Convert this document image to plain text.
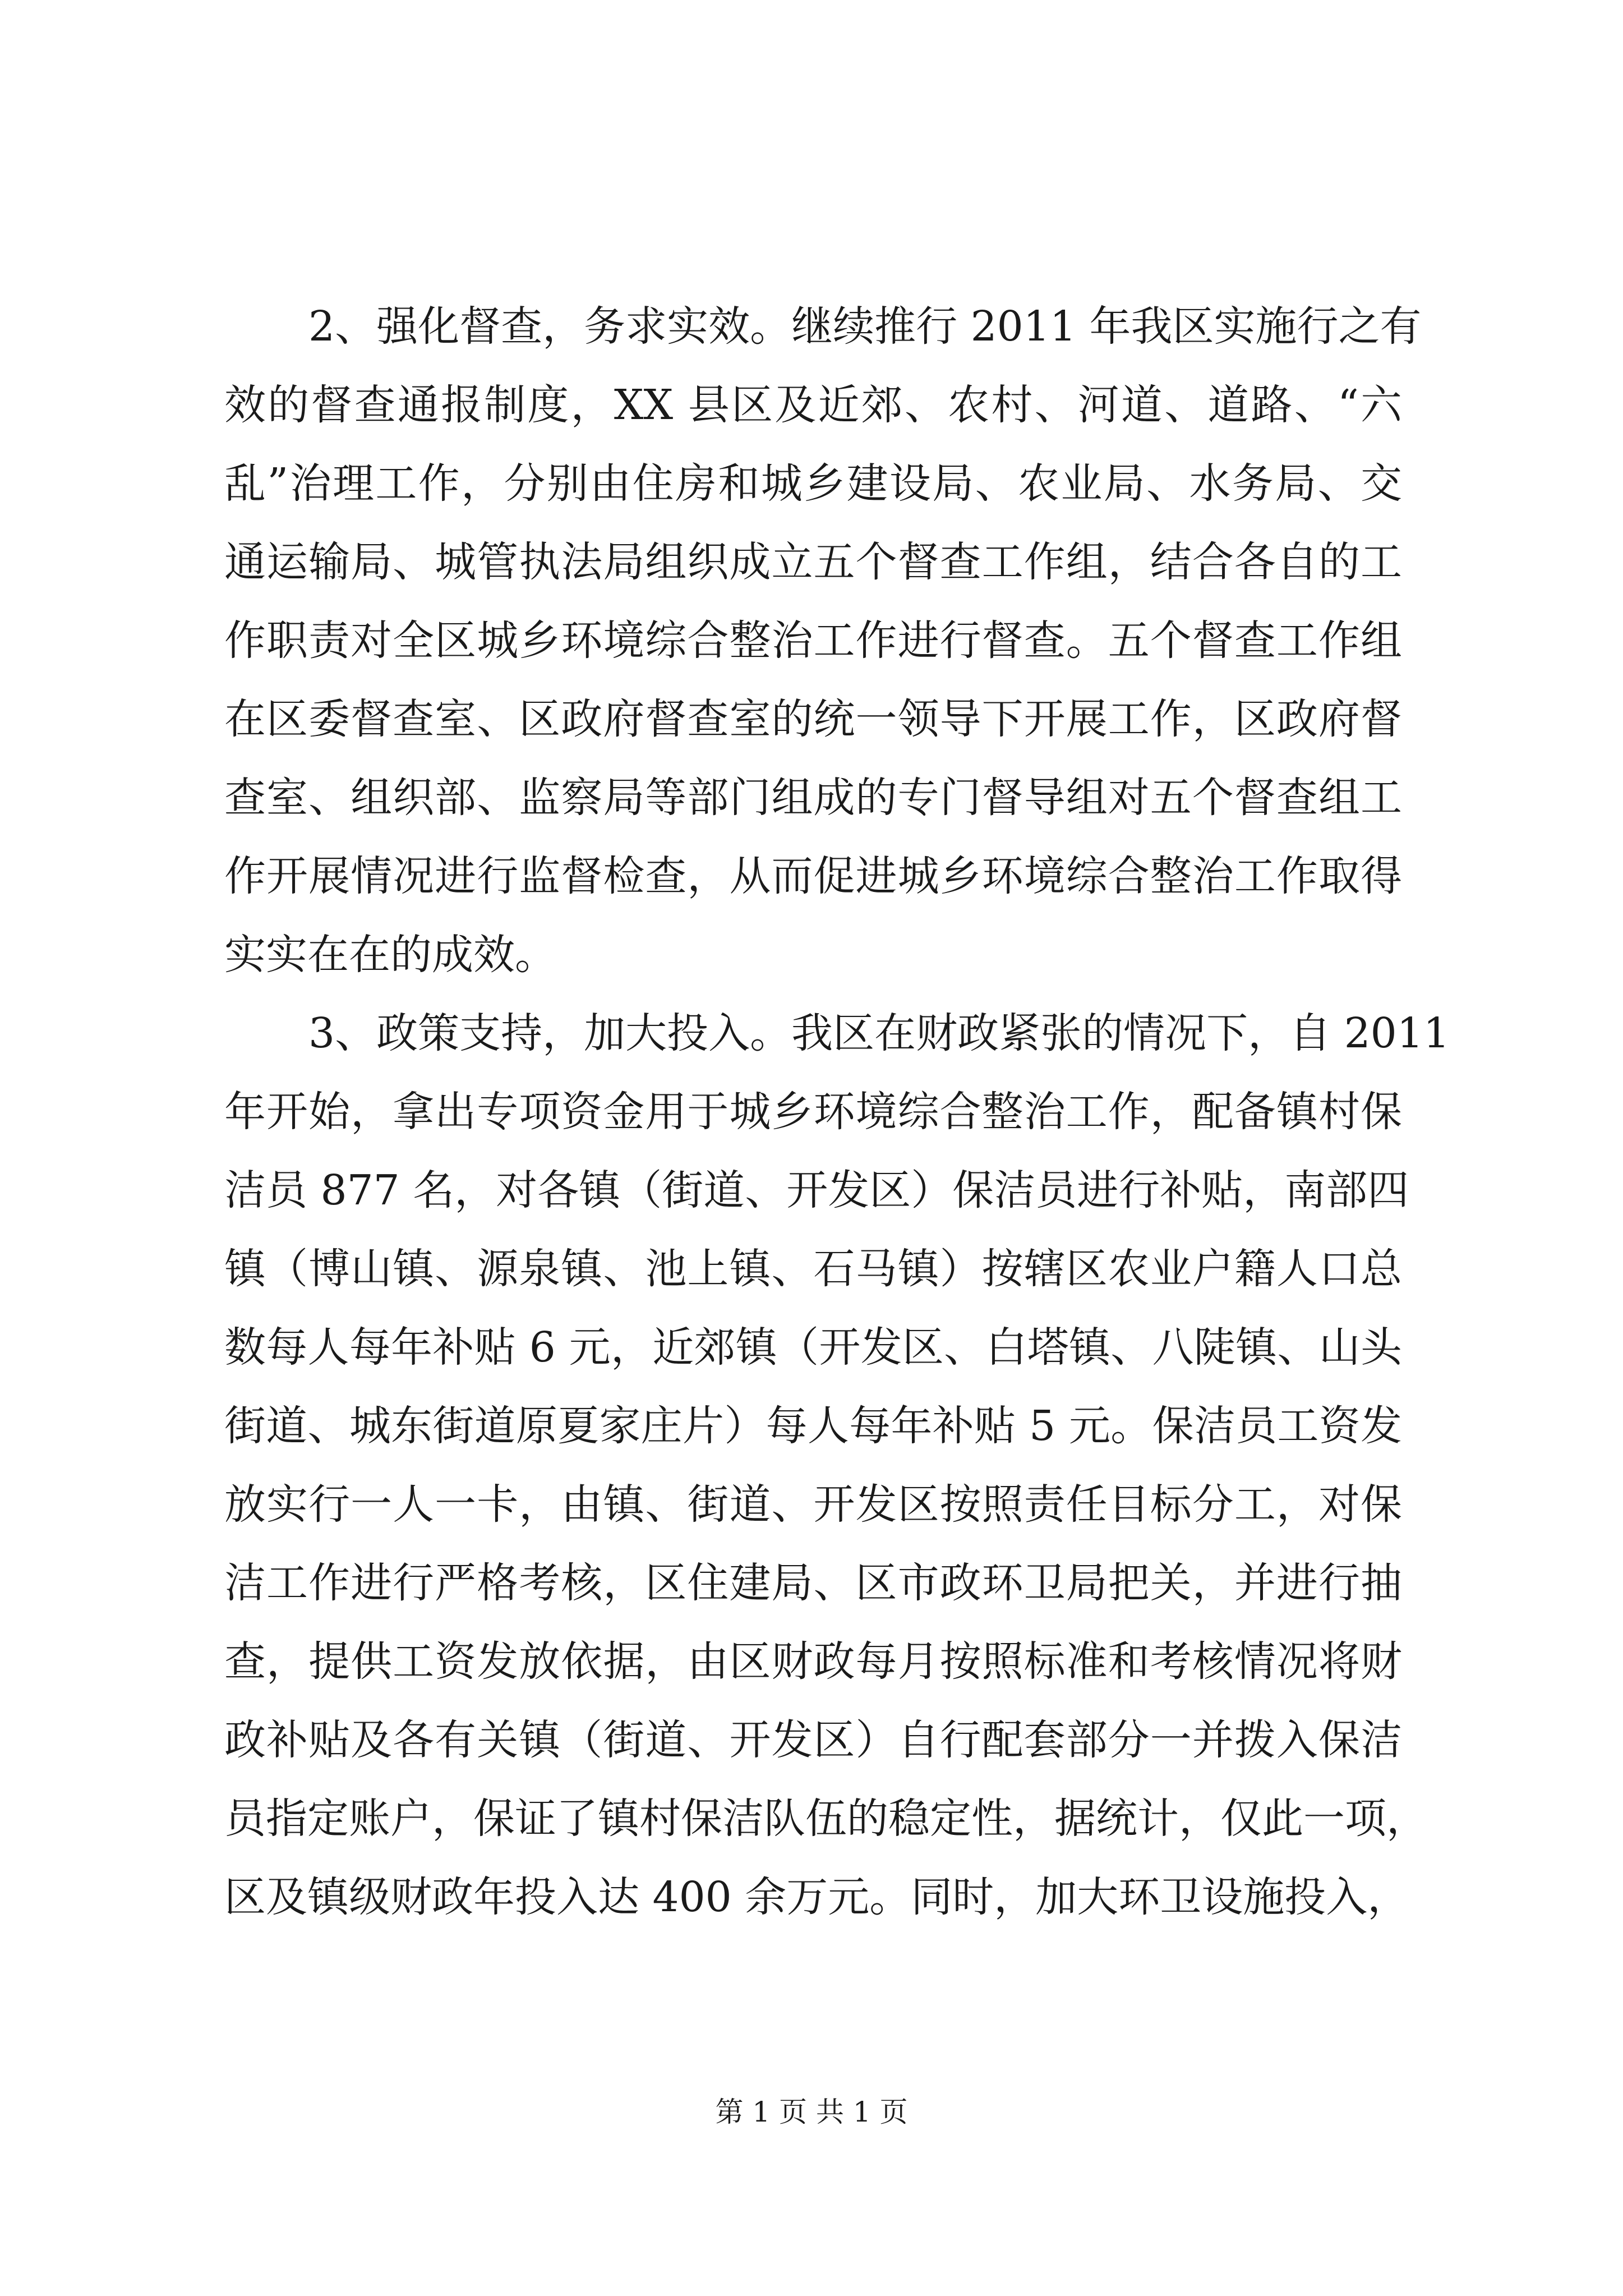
2、强化督查，务求实效。继续推行 2011 年我区实施行之有
效的督查通报制度，XX 县区及近郊、农村、河道、道路、“六
乱”治理工作，分别由住房和城乡建设局、农业局、水务局、交
通运输局、城管执法局组织成立五个督查工作组，结合各自的工
作职责对全区城乡环境综合整治工作进行督查。五个督查工作组
在区委督查室、区政府督查室的统一领导下开展工作，区政府督
查室、组织部、监察局等部门组成的专门督导组对五个督查组工
作开展情况进行监督检查，从而促进城乡环境综合整治工作取得
实实在在的成效。
3、政策支持，加大投入。我区在财政紧张的情况下，自 2011
年开始，拿出专项资金用于城乡环境综合整治工作，配备镇村保
洁员 877 名，对各镇（街道、开发区）保洁员进行补贴，南部四
镇（博山镇、源泉镇、池上镇、石马镇）按辖区农业户籍人口总
数每人每年补贴 6 元，近郊镇（开发区、白塔镇、八陡镇、山头
街道、城东街道原夏家庄片）每人每年补贴 5 元。保洁员工资发
放实行一人一卡，由镇、街道、开发区按照责任目标分工，对保
洁工作进行严格考核，区住建局、区市政环卫局把关，并进行抽
查，提供工资发放依据，由区财政每月按照标准和考核情况将财
政补贴及各有关镇（街道、开发区）自行配套部分一并拨入保洁
员指定账户，保证了镇村保洁队伍的稳定性，据统计，仅此一项，
区及镇级财政年投入达 400 余万元。同时，加大环卫设施投入，
第 1 页 共 1 页
